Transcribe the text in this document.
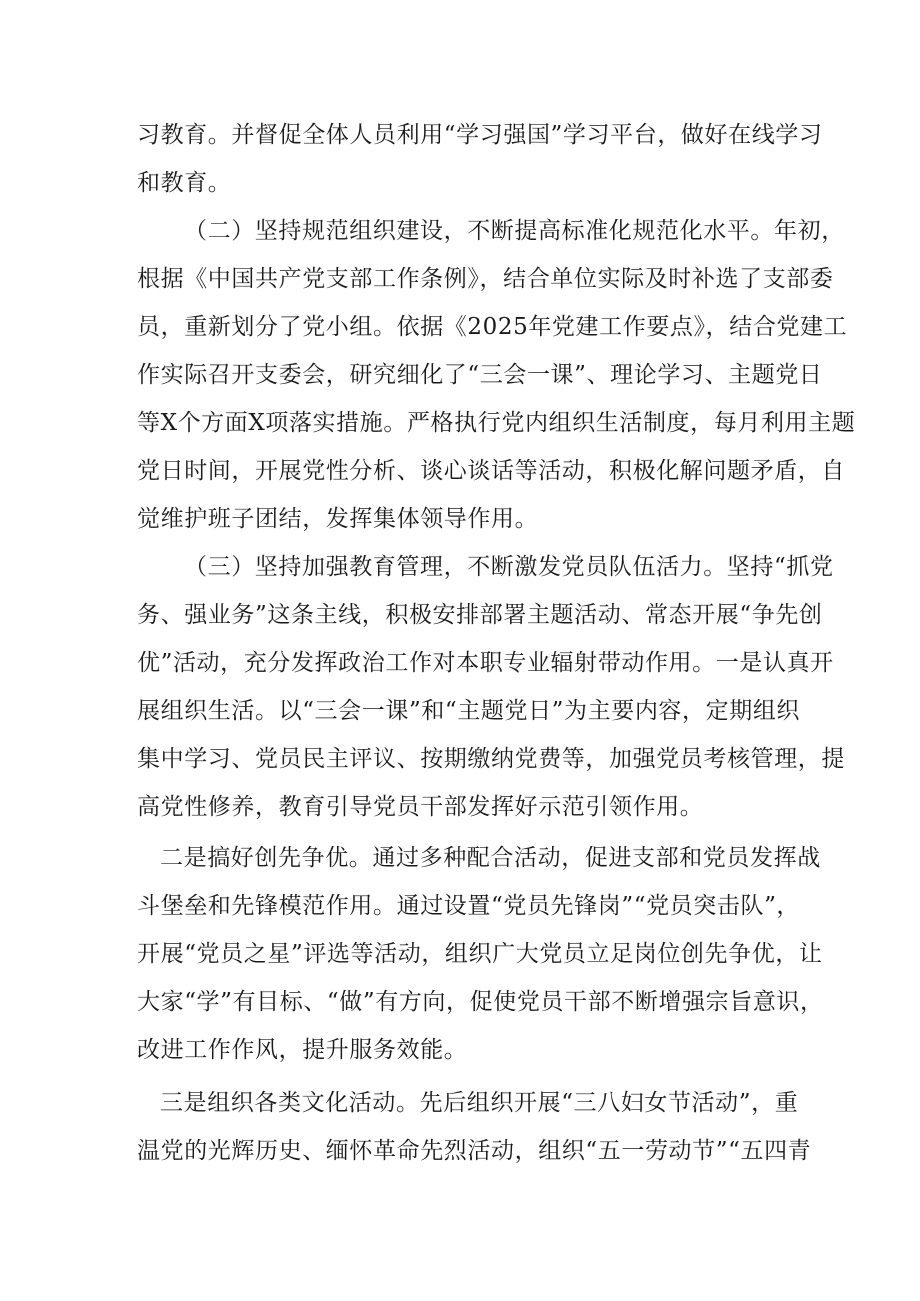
习教育。并督促全体人员利用“学习强国”学习平台，做好在线学习
和教育。
（二）坚持规范组织建设，不断提高标准化规范化水平。年初，
根据《中国共产党支部工作条例》，结合单位实际及时补选了支部委
员，重新划分了党小组。依据《2025年党建工作要点》，结合党建工
作实际召开支委会，研究细化了“三会一课”、理论学习、主题党日
等X个方面X项落实措施。严格执行党内组织生活制度，每月利用主题
党日时间，开展党性分析、谈心谈话等活动，积极化解问题矛盾，自
觉维护班子团结，发挥集体领导作用。
（三）坚持加强教育管理，不断激发党员队伍活力。坚持“抓党
务、强业务”这条主线，积极安排部署主题活动、常态开展“争先创
优”活动，充分发挥政治工作对本职专业辐射带动作用。一是认真开
展组织生活。以“三会一课”和“主题党日”为主要内容，定期组织
集中学习、党员民主评议、按期缴纳党费等，加强党员考核管理，提
高党性修养，教育引导党员干部发挥好示范引领作用。
二是搞好创先争优。通过多种配合活动，促进支部和党员发挥战
斗堡垒和先锋模范作用。通过设置“党员先锋岗”“党员突击队”，
开展“党员之星”评选等活动，组织广大党员立足岗位创先争优，让
大家“学”有目标、“做”有方向，促使党员干部不断增强宗旨意识，
改进工作作风，提升服务效能。
三是组织各类文化活动。先后组织开展“三八妇女节活动”，重
温党的光辉历史、缅怀革命先烈活动，组织“五一劳动节”“五四青
